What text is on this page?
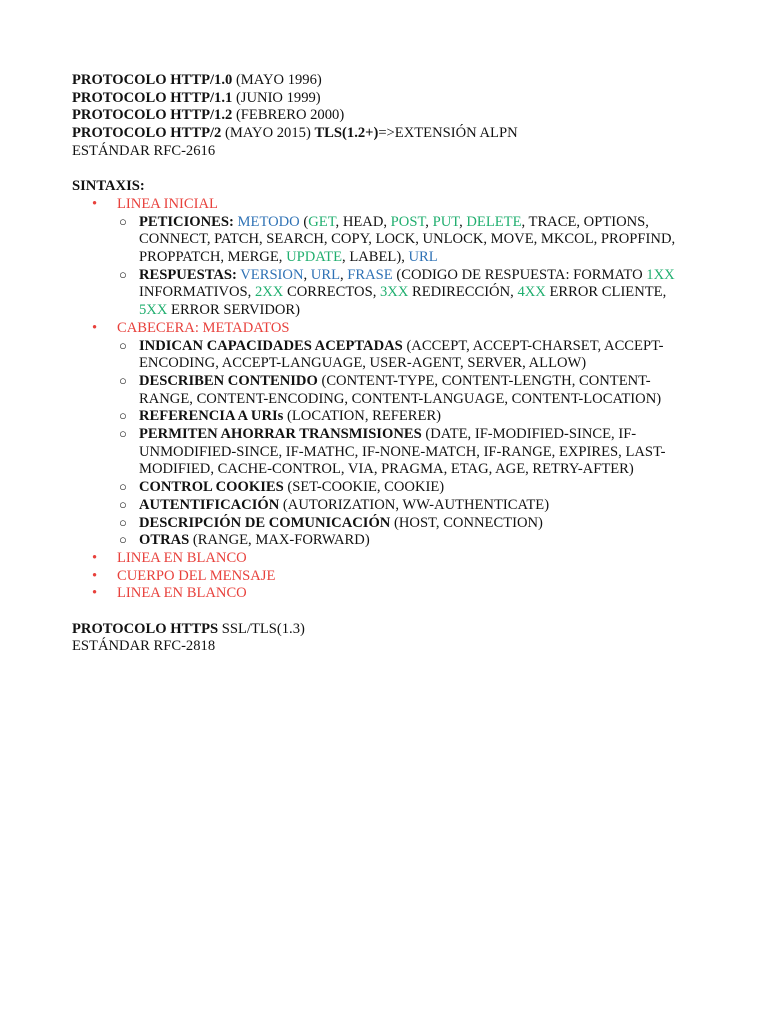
PROTOCOLO HTTP/1.0 (MAYO 1996)
PROTOCOLO HTTP/1.1 (JUNIO 1999)
PROTOCOLO HTTP/1.2 (FEBRERO 2000)
PROTOCOLO HTTP/2 (MAYO 2015) TLS(1.2+)=>EXTENSIÓN ALPN
ESTÁNDAR RFC-2616
SINTAXIS:
• LINEA INICIAL
○ PETICIONES: METODO (GET, HEAD, POST, PUT, DELETE, TRACE, OPTIONS,
CONNECT, PATCH, SEARCH, COPY, LOCK, UNLOCK, MOVE, MKCOL, PROPFIND,
PROPPATCH, MERGE, UPDATE, LABEL), URL
○ RESPUESTAS: VERSION, URL, FRASE (CODIGO DE RESPUESTA: FORMATO 1XX
INFORMATIVOS, 2XX CORRECTOS, 3XX REDIRECCIÓN, 4XX ERROR CLIENTE,
5XX ERROR SERVIDOR)
• CABECERA: METADATOS
○ INDICAN CAPACIDADES ACEPTADAS (ACCEPT, ACCEPT-CHARSET, ACCEPT-
ENCODING, ACCEPT-LANGUAGE, USER-AGENT, SERVER, ALLOW)
○ DESCRIBEN CONTENIDO (CONTENT-TYPE, CONTENT-LENGTH, CONTENT-
RANGE, CONTENT-ENCODING, CONTENT-LANGUAGE, CONTENT-LOCATION)
○ REFERENCIA A URIs (LOCATION, REFERER)
○ PERMITEN AHORRAR TRANSMISIONES (DATE, IF-MODIFIED-SINCE, IF-
UNMODIFIED-SINCE, IF-MATHC, IF-NONE-MATCH, IF-RANGE, EXPIRES, LAST-
MODIFIED, CACHE-CONTROL, VIA, PRAGMA, ETAG, AGE, RETRY-AFTER)
○ CONTROL COOKIES (SET-COOKIE, COOKIE)
○ AUTENTIFICACIÓN (AUTORIZATION, WW-AUTHENTICATE)
○ DESCRIPCIÓN DE COMUNICACIÓN (HOST, CONNECTION)
○ OTRAS (RANGE, MAX-FORWARD)
• LINEA EN BLANCO
• CUERPO DEL MENSAJE
• LINEA EN BLANCO
PROTOCOLO HTTPS SSL/TLS(1.3)
ESTÁNDAR RFC-2818
